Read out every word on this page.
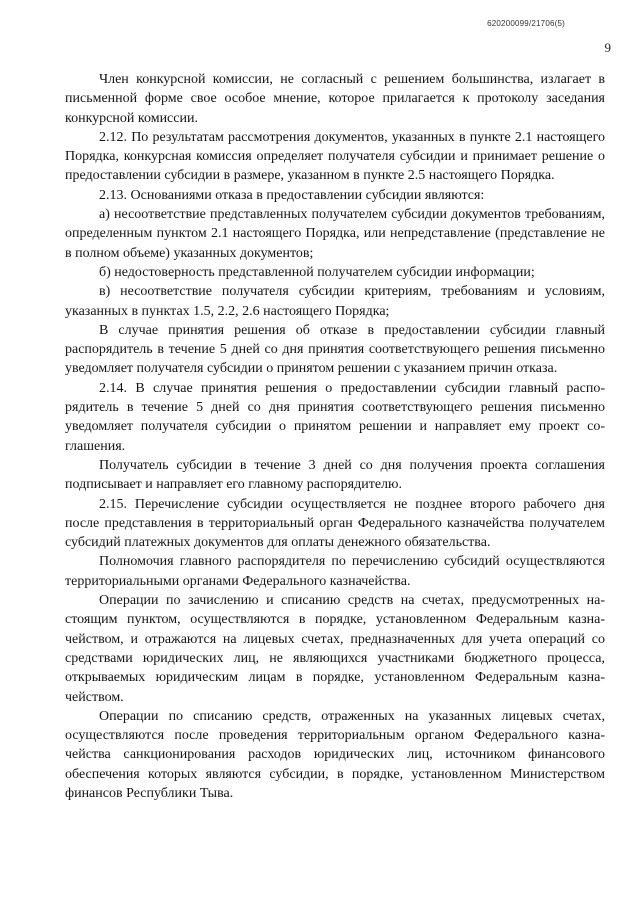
620200099/21706(5)
9

Член конкурсной комиссии, не согласный с решением большинства, излагает в письменной форме свое особое мнение, которое прилагается к протоколу заседания конкурсной комиссии.

2.12. По результатам рассмотрения документов, указанных в пункте 2.1 настоящего Порядка, конкурсная комиссия определяет получателя субсидии и принимает решение о предоставлении субсидии в размере, указанном в пункте 2.5 настоящего Порядка.

2.13. Основаниями отказа в предоставлении субсидии являются:

а) несоответствие представленных получателем субсидии документов требованиям, определенным пунктом 2.1 настоящего Порядка, или непредставление (представление не в полном объеме) указанных документов;

б) недостоверность представленной получателем субсидии информации;

в) несоответствие получателя субсидии критериям, требованиям и условиям, указанных в пунктах 1.5, 2.2, 2.6 настоящего Порядка;

В случае принятия решения об отказе в предоставлении субсидии главный распорядитель в течение 5 дней со дня принятия соответствующего решения письменно уведомляет получателя субсидии о принятом решении с указанием причин отказа.

2.14. В случае принятия решения о предоставлении субсидии главный распорядитель в течение 5 дней со дня принятия соответствующего решения письменно уведомляет получателя субсидии о принятом решении и направляет ему проект соглашения.

Получатель субсидии в течение 3 дней со дня получения проекта соглашения подписывает и направляет его главному распорядителю.

2.15. Перечисление субсидии осуществляется не позднее второго рабочего дня после представления в территориальный орган Федерального казначейства получателем субсидий платежных документов для оплаты денежного обязательства.

Полномочия главного распорядителя по перечислению субсидий осуществляются территориальными органами Федерального казначейства.

Операции по зачислению и списанию средств на счетах, предусмотренных настоящим пунктом, осуществляются в порядке, установленном Федеральным казначейством, и отражаются на лицевых счетах, предназначенных для учета операций со средствами юридических лиц, не являющихся участниками бюджетного процесса, открываемых юридическим лицам в порядке, установленном Федеральным казначейством.

Операции по списанию средств, отраженных на указанных лицевых счетах, осуществляются после проведения территориальным органом Федерального казначейства санкционирования расходов юридических лиц, источником финансового обеспечения которых являются субсидии, в порядке, установленном Министерством финансов Республики Тыва.
